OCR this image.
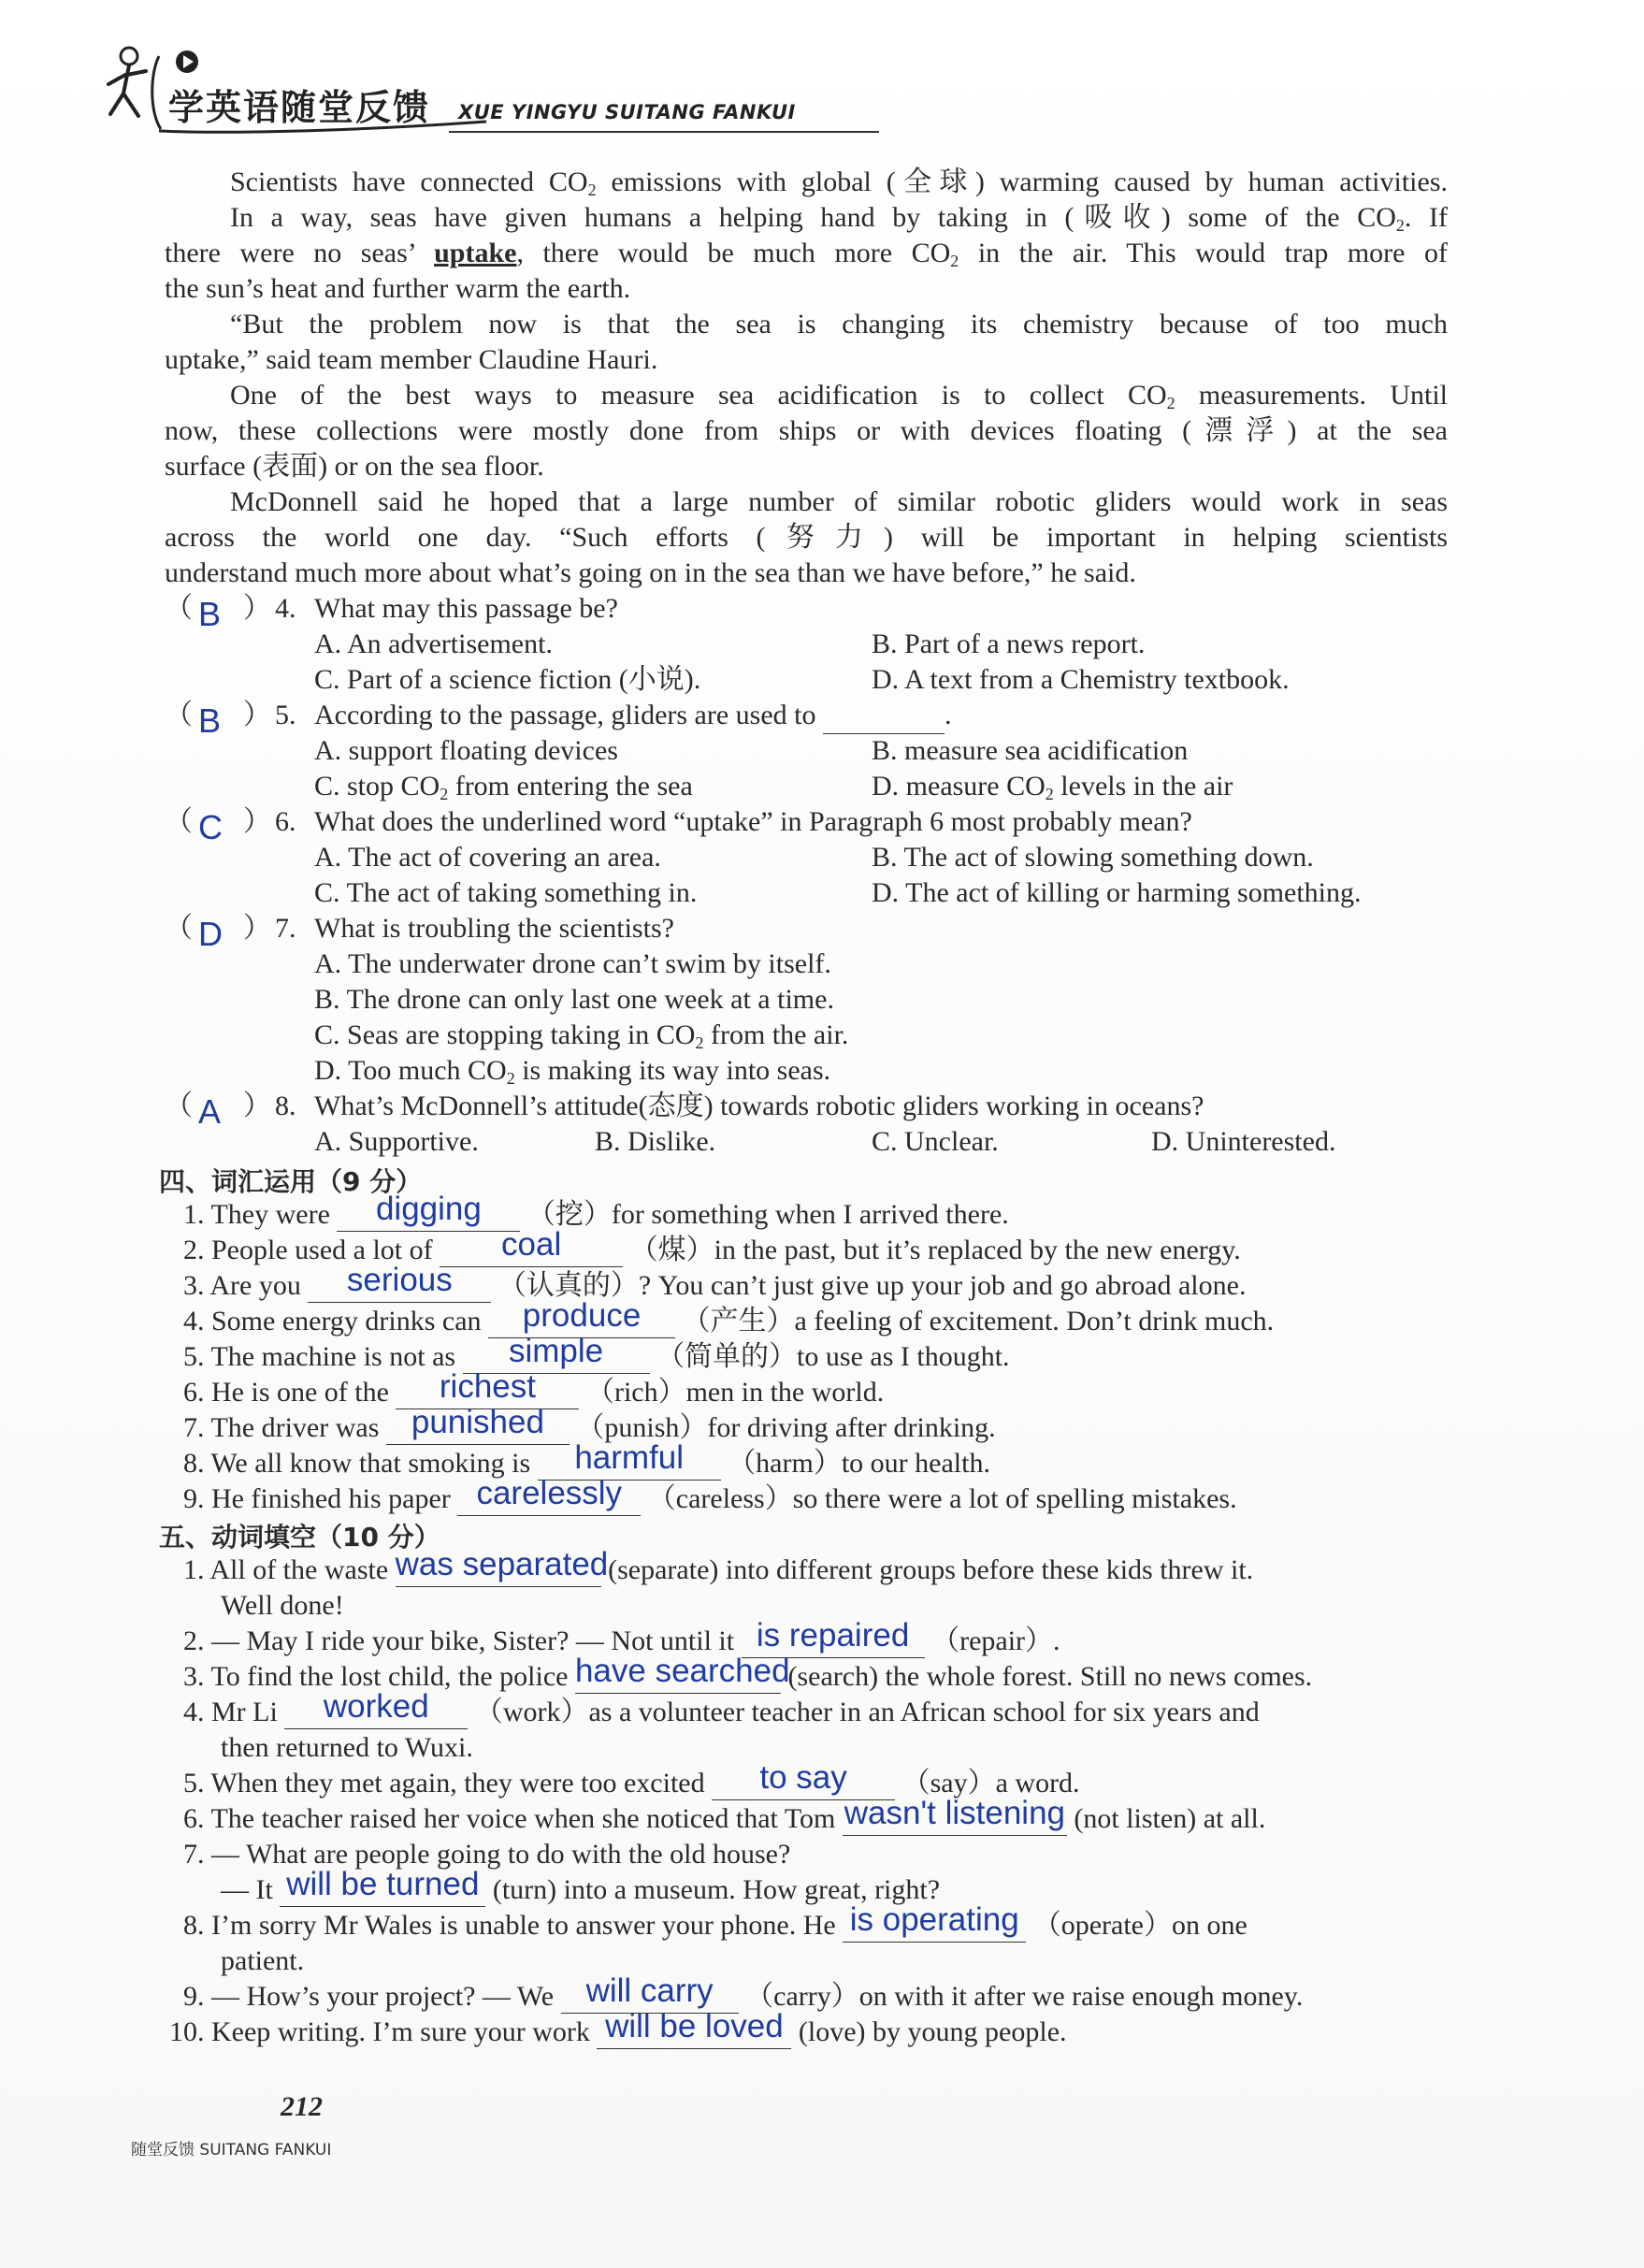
学英语随堂反馈 XUE YINGYU SUITANG FANKUI
Scientists have connected $CO_2$ emissions with global (全球) warming caused by human activities.
In a way, seas have given humans a helping hand by taking in (吸收) some of the $CO_2$. If
there were no seas’ uptake, there would be much more $CO_2$ in the air. This would trap more of
the sun’s heat and further warm the earth.
“But the problem now is that the sea is changing its chemistry because of too much
uptake,” said team member Claudine Hauri.
One of the best ways to measure sea acidification is to collect $CO_2$ measurements. Until
now, these collections were mostly done from ships or with devices floating (漂浮) at the sea
surface (表面) or on the sea floor.
McDonnell said he hoped that a large number of similar robotic gliders would work in seas
across the world one day. “Such efforts (努力) will be important in helping scientists
understand much more about what’s going on in the sea than we have before,” he said.
（ B ） 4. What may this passage be?
A. An advertisement.	B. Part of a news report.
C. Part of a science fiction (小说).	D. A text from a Chemistry textbook.
（ B ） 5. According to the passage, gliders are used to	.
A. support floating devices	B. measure sea acidification
C. stop $CO_2$ from entering the sea	D. measure $CO_2$ levels in the air
（ C ） 6. What does the underlined word “uptake” in Paragraph 6 most probably mean?
A. The act of covering an area.	B. The act of slowing something down.
C. The act of taking something in.	D. The act of killing or harming something.
（ D ） 7. What is troubling the scientists?
A. The underwater drone can’t swim by itself.
B. The drone can only last one week at a time.
C. Seas are stopping taking in $CO_2$ from the air.
D. Too much $CO_2$ is making its way into seas.
（ A ） 8. What’s McDonnell’s attitude(态度) towards robotic gliders working in oceans?
A. Supportive.	B. Dislike.	C. Unclear.	D. Uninterested.
四、词汇运用（9 分）
1. They were digging （挖）for something when I arrived there.
2. People used a lot of coal （煤）in the past, but it’s replaced by the new energy.
3. Are you serious （认真的）? You can’t just give up your job and go abroad alone.
4. Some energy drinks can produce （产生）a feeling of excitement. Don’t drink much.
5. The machine is not as simple （简单的）to use as I thought.
6. He is one of the richest （rich）men in the world.
7. The driver was punished （punish）for driving after drinking.
8. We all know that smoking is harmful （harm）to our health.
9. He finished his paper carelessly （careless）so there were a lot of spelling mistakes.
五、动词填空（10 分）
1. All of the waste was separated (separate) into different groups before these kids threw it.
Well done!
2. — May I ride your bike, Sister? — Not until it is repaired （repair）.
3. To find the lost child, the police have searched (search) the whole forest. Still no news comes.
4. Mr Li worked （work）as a volunteer teacher in an African school for six years and
then returned to Wuxi.
5. When they met again, they were too excited to say （say）a word.
6. The teacher raised her voice when she noticed that Tom wasn't listening (not listen) at all.
7. — What are people going to do with the old house?
— It will be turned (turn) into a museum. How great, right?
8. I’m sorry Mr Wales is unable to answer your phone. He is operating （operate）on one
patient.
9. — How’s your project? — We will carry （carry）on with it after we raise enough money.
10. Keep writing. I’m sure your work will be loved (love) by young people.
212
随堂反馈 SUITANG FANKUI
